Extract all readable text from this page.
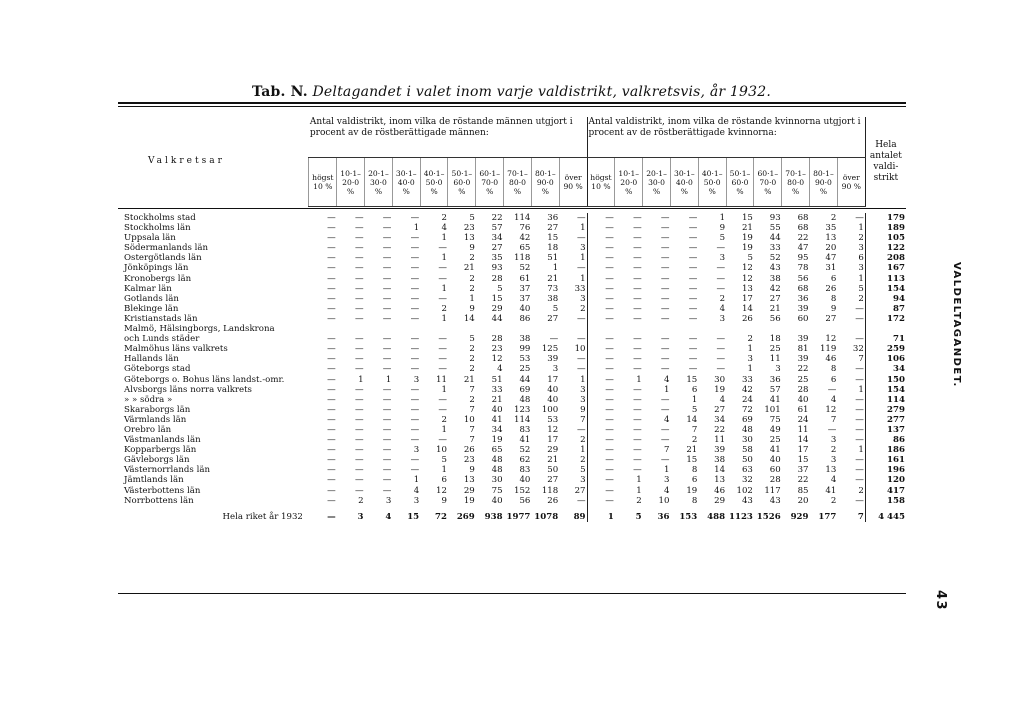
Tab. N. Deltagandet i valet inom varje valdistrikt, valkretsvis, år 1932.
VALDELTAGANDET.
43
Valkretsar	Antal valdistrikt, inom vilka de röstande männen utgjort i procent av de röstberättigade männen:										Antal valdistrikt, inom vilka de röstande kvinnorna utgjort i procent av de röstberättigade kvinnorna:										Hela antalet valdi- strikt
	högst 10 %	10·1– 20·0 %	20·1– 30·0 %	30·1– 40·0 %	40·1– 50·0 %	50·1– 60·0 %	60·1– 70·0 %	70·1– 80·0 %	80·1– 90·0 %	över 90 %	högst 10 %	10·1– 20·0 %	20·1– 30·0 %	30·1– 40·0 %	40·1– 50·0 %	50·1– 60·0 %	60·1– 70·0 %	70·1– 80·0 %	80·1– 90·0 %	över 90 %	

Stockholms stad	—	—	—	—	2	5	22	114	36	—	—	—	—	—	1	15	93	68	2	—	179
Stockholms län	—	—	—	1	4	23	57	76	27	1	—	—	—	—	9	21	55	68	35	1	189
Uppsala län	—	—	—	—	1	13	34	42	15	—	—	—	—	—	5	19	44	22	13	2	105
Södermanlands län	—	—	—	—	—	9	27	65	18	3	—	—	—	—	—	19	33	47	20	3	122
Östergötlands län	—	—	—	—	1	2	35	118	51	1	—	—	—	—	3	5	52	95	47	6	208
Jönköpings län	—	—	—	—	—	21	93	52	1	—	—	—	—	—	—	12	43	78	31	3	167
Kronobergs län	—	—	—	—	—	2	28	61	21	1	—	—	—	—	—	12	38	56	6	1	113
Kalmar län	—	—	—	—	1	2	5	37	73	33	—	—	—	—	—	13	42	68	26	5	154
Gotlands län	—	—	—	—	—	1	15	37	38	3	—	—	—	—	2	17	27	36	8	2	94
Blekinge län	—	—	—	—	2	9	29	40	5	2	—	—	—	—	4	14	21	39	9	—	87
Kristianstads län	—	—	—	—	1	14	44	86	27	—	—	—	—	—	3	26	56	60	27	—	172
Malmö, Hälsingborgs, Landskrona																					
och Lunds städer	—	—	—	—	—	5	28	38	—	—	—	—	—	—	—	2	18	39	12	—	71
Malmöhus läns valkrets	—	—	—	—	—	2	23	99	125	10	—	—	—	—	—	1	25	81	119	32	259
Hallands län	—	—	—	—	—	2	12	53	39	—	—	—	—	—	—	3	11	39	46	7	106
Göteborgs stad	—	—	—	—	—	2	4	25	3	—	—	—	—	—	—	1	3	22	8	—	34
Göteborgs o. Bohus läns landst.-omr.	—	1	1	3	11	21	51	44	17	1	—	1	4	15	30	33	36	25	6	—	150
Älvsborgs läns norra valkrets	—	—	—	—	1	7	33	69	40	3	—	—	1	6	19	42	57	28	—	1	154
» » södra »	—	—	—	—	—	2	21	48	40	3	—	—	—	1	4	24	41	40	4	—	114
Skaraborgs län	—	—	—	—	—	7	40	123	100	9	—	—	—	5	27	72	101	61	12	—	279
Värmlands län	—	—	—	—	2	10	41	114	53	7	—	—	4	14	34	69	75	24	7	—	277
Örebro län	—	—	—	—	1	7	34	83	12	—	—	—	—	7	22	48	49	11	—	—	137
Västmanlands län	—	—	—	—	—	7	19	41	17	2	—	—	—	2	11	30	25	14	3	—	86
Kopparbergs län	—	—	—	3	10	26	65	52	29	1	—	—	7	21	39	58	41	17	2	1	186
Gävleborgs län	—	—	—	—	5	23	48	62	21	2	—	—	—	15	38	50	40	15	3	—	161
Västernorrlands län	—	—	—	—	1	9	48	83	50	5	—	—	1	8	14	63	60	37	13	—	196
Jämtlands län	—	—	—	1	6	13	30	40	27	3	—	1	3	6	13	32	28	22	4	—	120
Västerbottens län	—	—	—	4	12	29	75	152	118	27	—	1	4	19	46	102	117	85	41	2	417
Norrbottens län	—	2	3	3	9	19	40	56	26	—	—	2	10	8	29	43	43	20	2	—	158
Hela riket år 1932	—	3	4	15	72	269	938	1977	1078	89	1	5	36	153	488	1123	1526	929	177	7	4 445
